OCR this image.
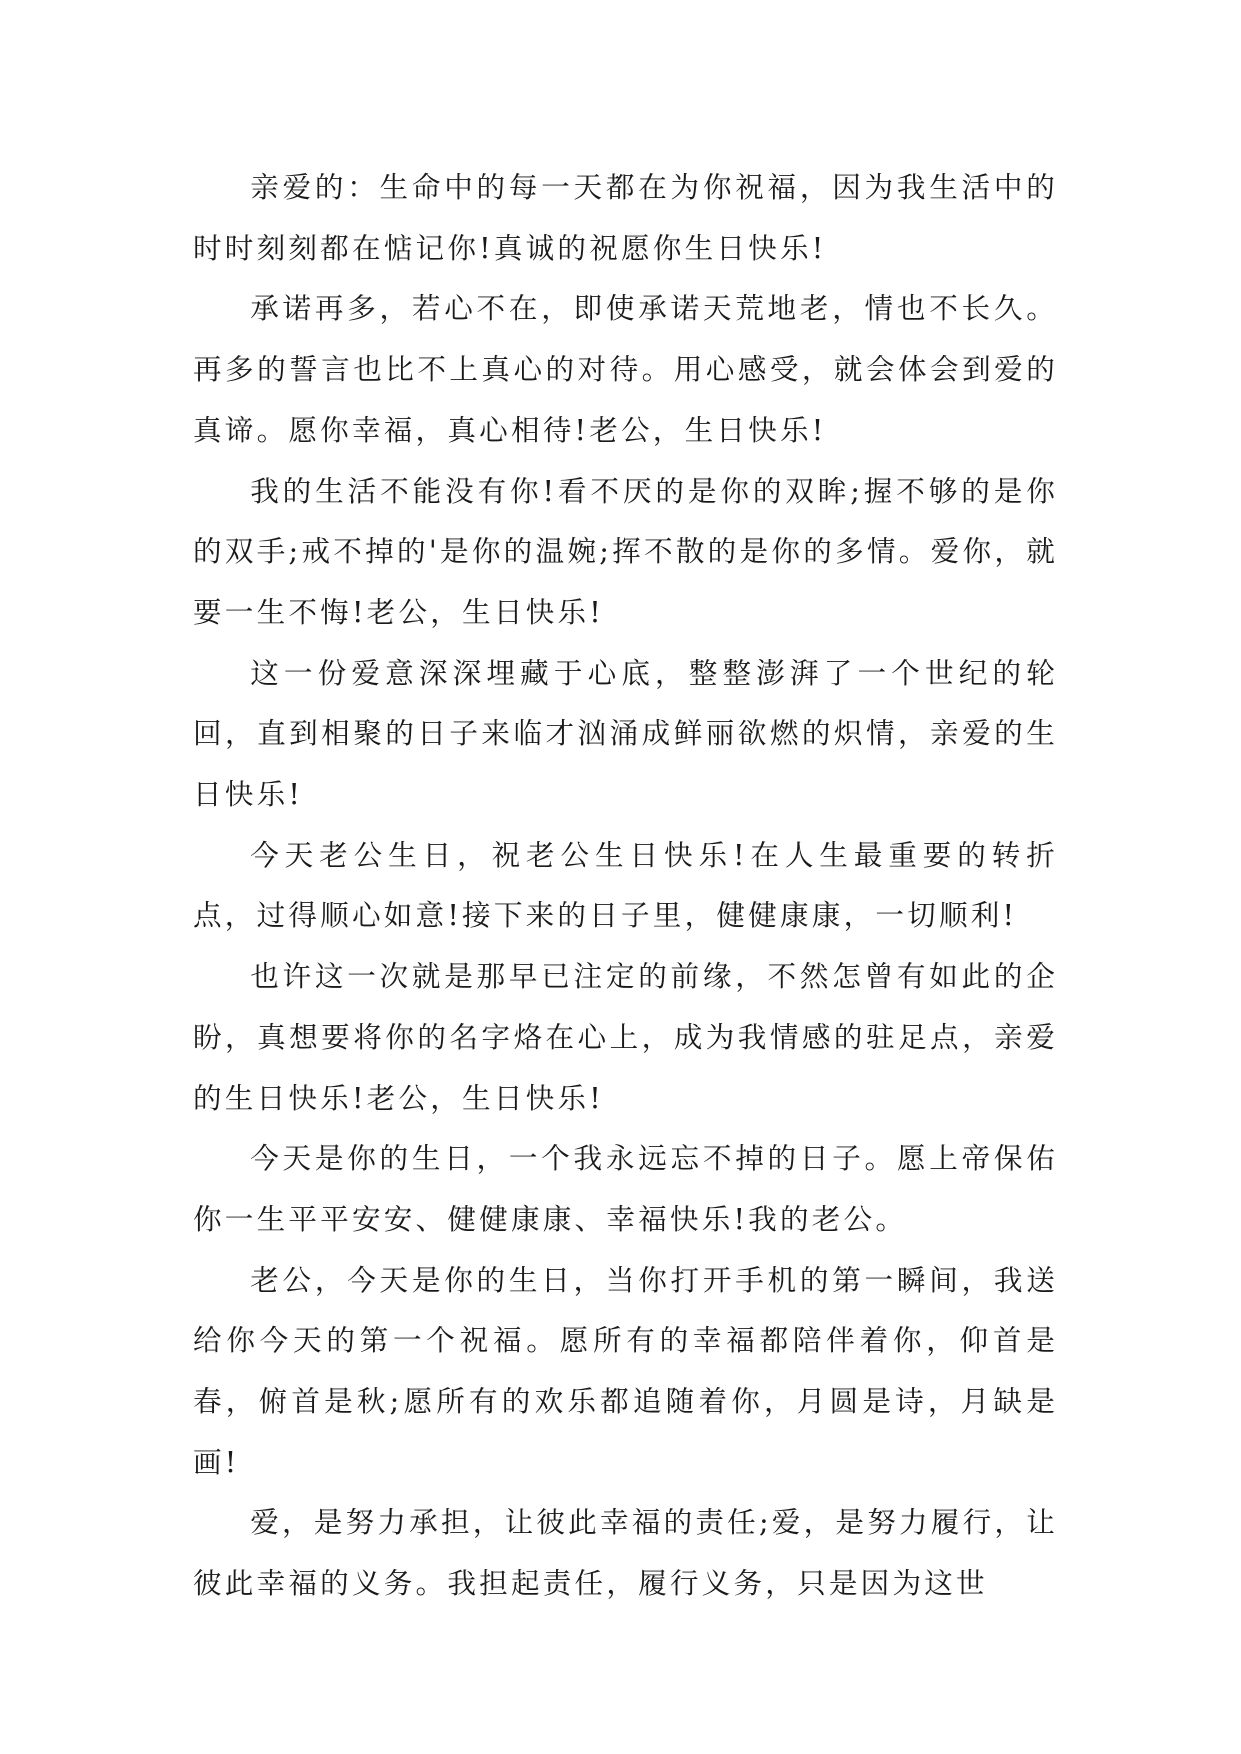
亲爱的：生命中的每一天都在为你祝福，因为我生活中的时时刻刻都在惦记你!真诚的祝愿你生日快乐!

承诺再多，若心不在，即使承诺天荒地老，情也不长久。再多的誓言也比不上真心的对待。用心感受，就会体会到爱的真谛。愿你幸福，真心相待!老公，生日快乐!

我的生活不能没有你!看不厌的是你的双眸;握不够的是你的双手;戒不掉的'是你的温婉;挥不散的是你的多情。爱你，就要一生不悔!老公，生日快乐!

这一份爱意深深埋藏于心底，整整澎湃了一个世纪的轮回，直到相聚的日子来临才汹涌成鲜丽欲燃的炽情，亲爱的生日快乐!

今天老公生日，祝老公生日快乐!在人生最重要的转折点，过得顺心如意!接下来的日子里，健健康康，一切顺利!

也许这一次就是那早已注定的前缘，不然怎曾有如此的企盼，真想要将你的名字烙在心上，成为我情感的驻足点，亲爱的生日快乐!老公，生日快乐!

今天是你的生日，一个我永远忘不掉的日子。愿上帝保佑你一生平平安安、健健康康、幸福快乐!我的老公。

老公，今天是你的生日，当你打开手机的第一瞬间，我送给你今天的第一个祝福。愿所有的幸福都陪伴着你，仰首是春，俯首是秋;愿所有的欢乐都追随着你，月圆是诗，月缺是画!

爱，是努力承担，让彼此幸福的责任;爱，是努力履行，让彼此幸福的义务。我担起责任，履行义务，只是因为这世
